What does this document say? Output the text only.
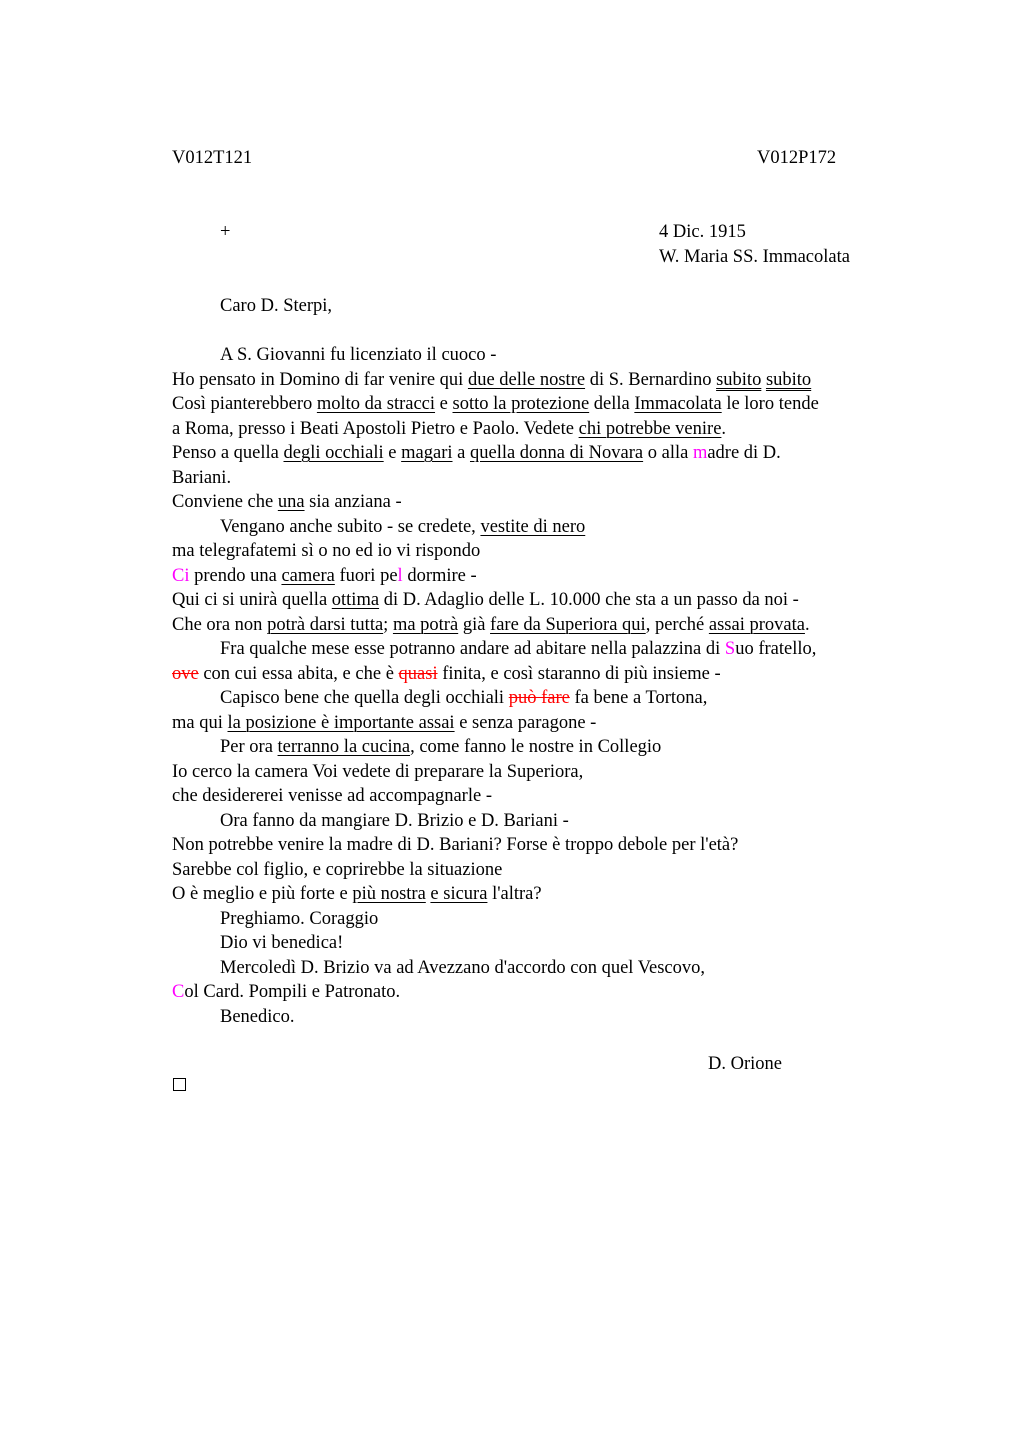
V012T121	V012P172
+	4 Dic. 1915
W. Maria SS. Immacolata
Caro D. Sterpi,
A S. Giovanni fu licenziato il cuoco -
Ho pensato in Domino di far venire qui due delle nostre di S. Bernardino subito subito
Così pianterebbero molto da stracci e sotto la protezione della Immacolata le loro tende
a Roma, presso i Beati Apostoli Pietro e Paolo. Vedete chi potrebbe venire.
Penso a quella degli occhiali e magari a quella donna di Novara o alla madre di D.
Bariani.
Conviene che una sia anziana -
Vengano anche subito - se credete, vestite di nero
ma telegrafatemi sì o no ed io vi rispondo
Ci prendo una camera fuori pel dormire -
Qui ci si unirà quella ottima di D. Adaglio delle L. 10.000 che sta a un passo da noi -
Che ora non potrà darsi tutta; ma potrà già fare da Superiora qui, perché assai provata.
Fra qualche mese esse potranno andare ad abitare nella palazzina di Suo fratello,
ove con cui essa abita, e che è quasi finita, e così staranno di più insieme -
Capisco bene che quella degli occhiali può fare fa bene a Tortona,
ma qui la posizione è importante assai e senza paragone -
Per ora terranno la cucina, come fanno le nostre in Collegio
Io cerco la camera Voi vedete di preparare la Superiora,
che desidererei venisse ad accompagnarle -
Ora fanno da mangiare D. Brizio e D. Bariani -
Non potrebbe venire la madre di D. Bariani? Forse è troppo debole per l'età?
Sarebbe col figlio, e coprirebbe la situazione
O è meglio e più forte e più nostra e sicura l'altra?
Preghiamo. Coraggio
Dio vi benedica!
Mercoledì D. Brizio va ad Avezzano d'accordo con quel Vescovo,
Col Card. Pompili e Patronato.
Benedico.
D. Orione
